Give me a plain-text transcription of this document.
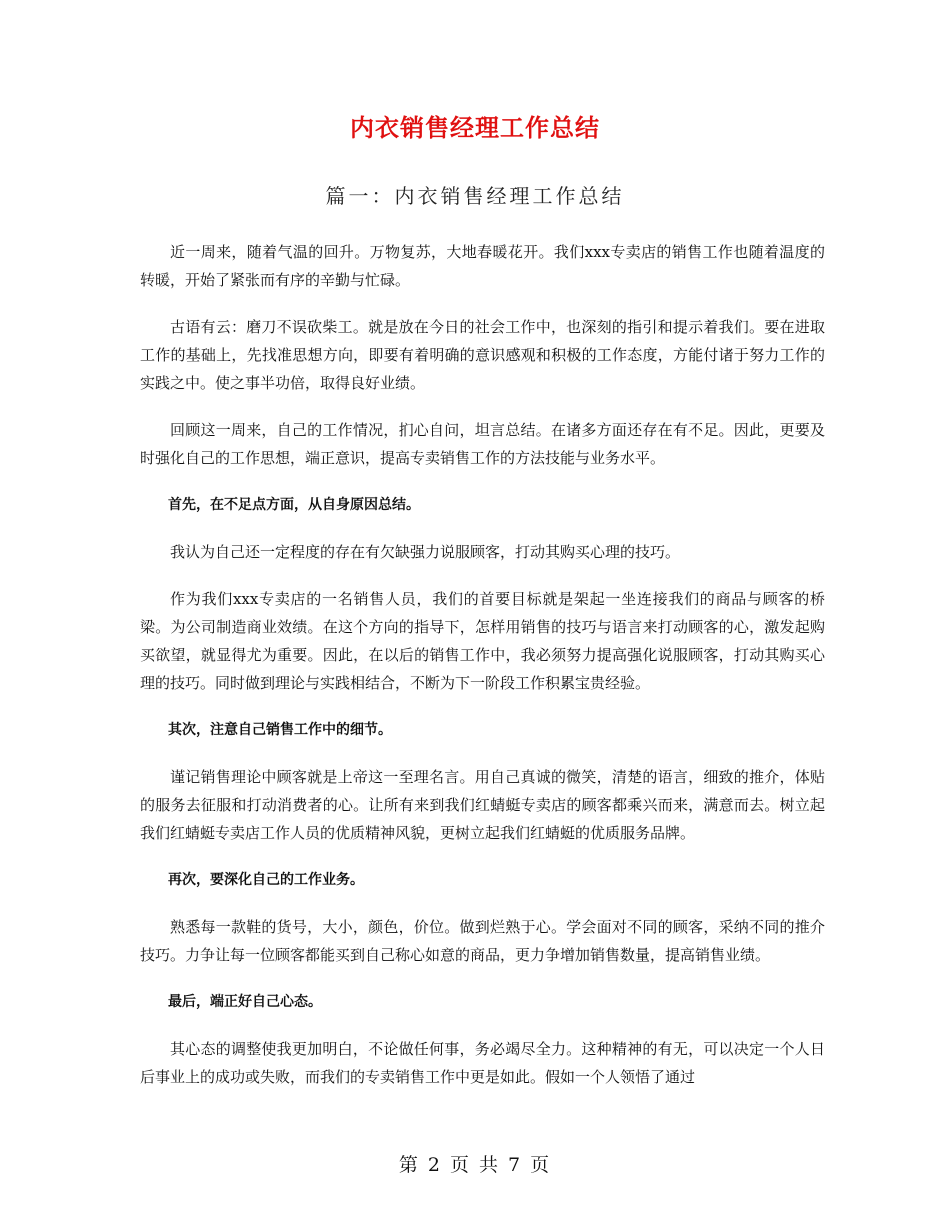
内衣销售经理工作总结
篇一：内衣销售经理工作总结

近一周来，随着气温的回升。万物复苏，大地春暖花开。我们xxx专卖店的销售工作也随着温度的转暖，开始了紧张而有序的辛勤与忙碌。

古语有云：磨刀不误砍柴工。就是放在今日的社会工作中，也深刻的指引和提示着我们。要在进取工作的基础上，先找准思想方向，即要有着明确的意识感观和积极的工作态度，方能付诸于努力工作的实践之中。使之事半功倍，取得良好业绩。

回顾这一周来，自己的工作情况，扪心自问，坦言总结。在诸多方面还存在有不足。因此，更要及时强化自己的工作思想，端正意识，提高专卖销售工作的方法技能与业务水平。

首先，在不足点方面，从自身原因总结。

我认为自己还一定程度的存在有欠缺强力说服顾客，打动其购买心理的技巧。

作为我们xxx专卖店的一名销售人员，我们的首要目标就是架起一坐连接我们的商品与顾客的桥梁。为公司制造商业效绩。在这个方向的指导下，怎样用销售的技巧与语言来打动顾客的心，激发起购买欲望，就显得尤为重要。因此，在以后的销售工作中，我必须努力提高强化说服顾客，打动其购买心理的技巧。同时做到理论与实践相结合，不断为下一阶段工作积累宝贵经验。

其次，注意自己销售工作中的细节。

谨记销售理论中顾客就是上帝这一至理名言。用自己真诚的微笑，清楚的语言，细致的推介，体贴的服务去征服和打动消费者的心。让所有来到我们红蜻蜓专卖店的顾客都乘兴而来，满意而去。树立起我们红蜻蜓专卖店工作人员的优质精神风貌，更树立起我们红蜻蜓的优质服务品牌。

再次，要深化自己的工作业务。

熟悉每一款鞋的货号，大小，颜色，价位。做到烂熟于心。学会面对不同的顾客，采纳不同的推介技巧。力争让每一位顾客都能买到自己称心如意的商品，更力争增加销售数量，提高销售业绩。

最后，端正好自己心态。

其心态的调整使我更加明白，不论做任何事，务必竭尽全力。这种精神的有无，可以决定一个人日后事业上的成功或失败，而我们的专卖销售工作中更是如此。假如一个人领悟了通过

第 2 页 共 7 页
